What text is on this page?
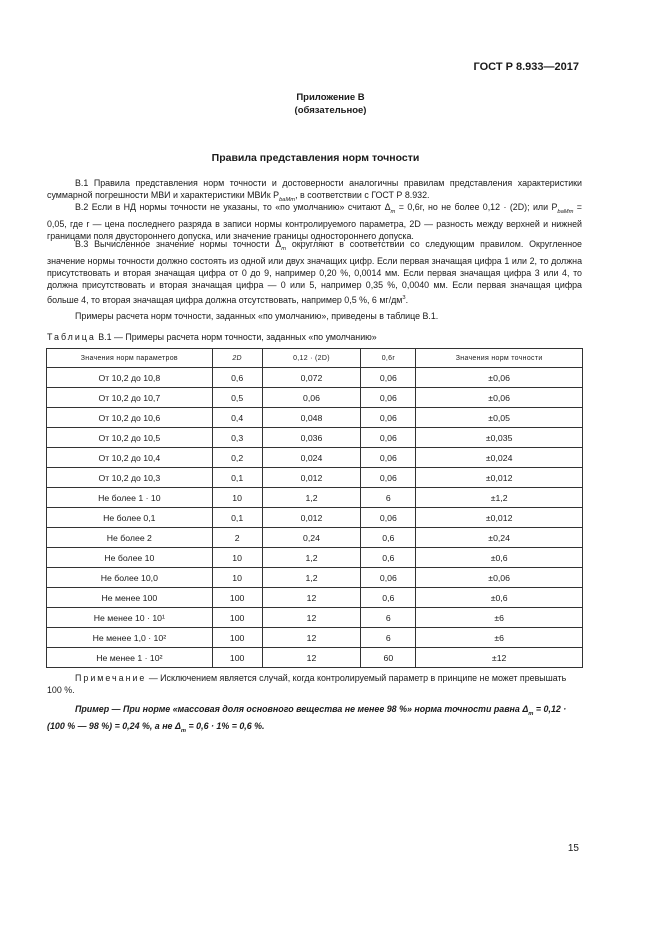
ГОСТ Р 8.933—2017
Приложение В
(обязательное)
Правила представления норм точности
В.1 Правила представления норм точности и достоверности аналогичны правилам представления характеристики суммарной погрешности МВИ и характеристики МВИк $P_{baMm}$, в соответствии с ГОСТ Р 8.932.
В.2 Если в НД нормы точности не указаны, то «по умолчанию» считают $\Delta_m = 0,6r$, но не более 0,12 · (2D); или $P_{baMm} = 0,05$, где r — цена последнего разряда в записи нормы контролируемого параметра, 2D — разность между верхней и нижней границами поля двустороннего допуска, или значение границы одностороннего допуска.
В.3 Вычисленное значение нормы точности $\Delta_m$ округляют в соответствии со следующим правилом. Округленное значение нормы точности должно состоять из одной или двух значащих цифр. Если первая значащая цифра 1 или 2, то должна присутствовать и вторая значащая цифра от 0 до 9, например 0,20 %, 0,0014 мм. Если первая значащая цифра 3 или 4, то должна присутствовать и вторая значащая цифра — 0 или 5, например 0,35 %, 0,0040 мм. Если первая значащая цифра больше 4, то вторая значащая цифра должна отсутствовать, например 0,5 %, 6 $мг/дм^3$.
Примеры расчета норм точности, заданных «по умолчанию», приведены в таблице В.1.
Таблица В.1 — Примеры расчета норм точности, заданных «по умолчанию»
Значения норм параметров	2D	0,12 · (2D)	0,6r	Значения норм точности
От 10,2 до 10,8	0,6	0,072	0,06	±0,06
От 10,2 до 10,7	0,5	0,06	0,06	±0,06
От 10,2 до 10,6	0,4	0,048	0,06	±0,05
От 10,2 до 10,5	0,3	0,036	0,06	±0,035
От 10,2 до 10,4	0,2	0,024	0,06	±0,024
От 10,2 до 10,3	0,1	0,012	0,06	±0,012
Не более 1 · 10	10	1,2	6	±1,2
Не более 0,1	0,1	0,012	0,06	±0,012
Не более 2	2	0,24	0,6	±0,24
Не более 10	10	1,2	0,6	±0,6
Не более 10,0	10	1,2	0,06	±0,06
Не менее 100	100	12	0,6	±0,6
Не менее 10 · 10¹	100	12	6	±6
Не менее 1,0 · 10²	100	12	6	±6
Не менее 1 · 10²	100	12	60	±12
Примечание — Исключением является случай, когда контролируемый параметр в принципе не может превышать 100 %.
Пример — При норме «массовая доля основного вещества не менее 98 %» норма точности равна $\Delta_m = 0,12 \cdot (100$ % — 98 %) = 0,24 %, а не $\Delta_m = 0,6 \cdot 1\% = 0,6$ %.
15
